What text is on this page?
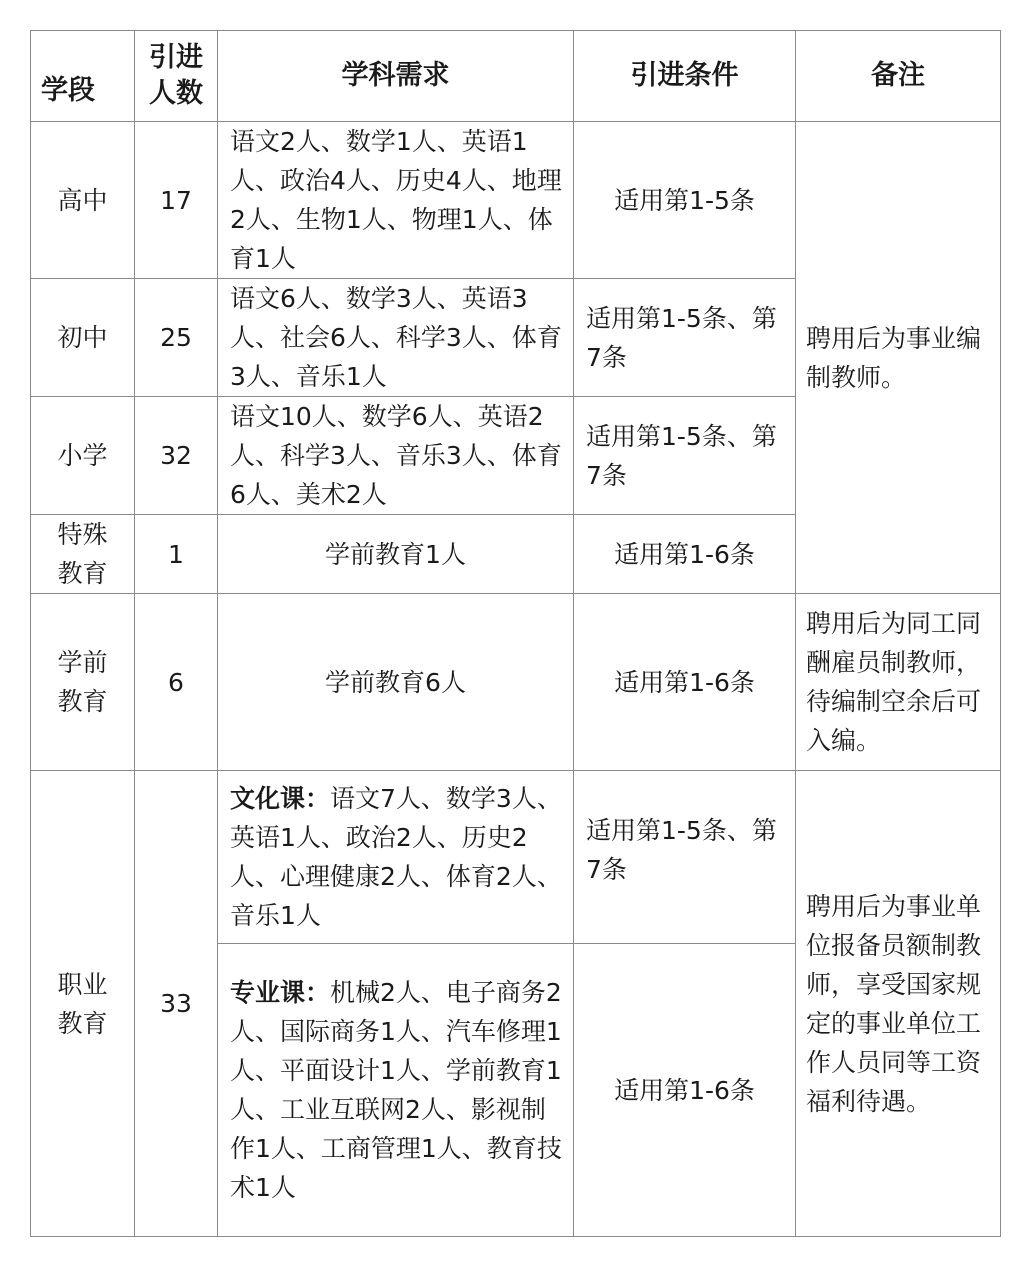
学段	引进人数	学科需求	引进条件	备注
高中	17	语文2人、数学1人、英语1人、政治4人、历史4人、地理2人、生物1人、物理1人、体育1人	适用第1-5条	聘用后为事业编制教师。
初中	25	语文6人、数学3人、英语3人、社会6人、科学3人、体育3人、音乐1人	适用第1-5条、第7条	
小学	32	语文10人、数学6人、英语2人、科学3人、音乐3人、体育6人、美术2人	适用第1-5条、第7条	
特殊教育	1	学前教育1人	适用第1-6条	
学前教育	6	学前教育6人	适用第1-6条	聘用后为同工同酬雇员制教师，待编制空余后可入编。
职业教育	33	文化课：语文7人、数学3人、英语1人、政治2人、历史2人、心理健康2人、体育2人、音乐1人	适用第1-5条、第7条	聘用后为事业单位报备员额制教师，享受国家规定的事业单位工作人员同等工资福利待遇。
		专业课：机械2人、电子商务2人、国际商务1人、汽车修理1人、平面设计1人、学前教育1人、工业互联网2人、影视制作1人、工商管理1人、教育技术1人	适用第1-6条	
